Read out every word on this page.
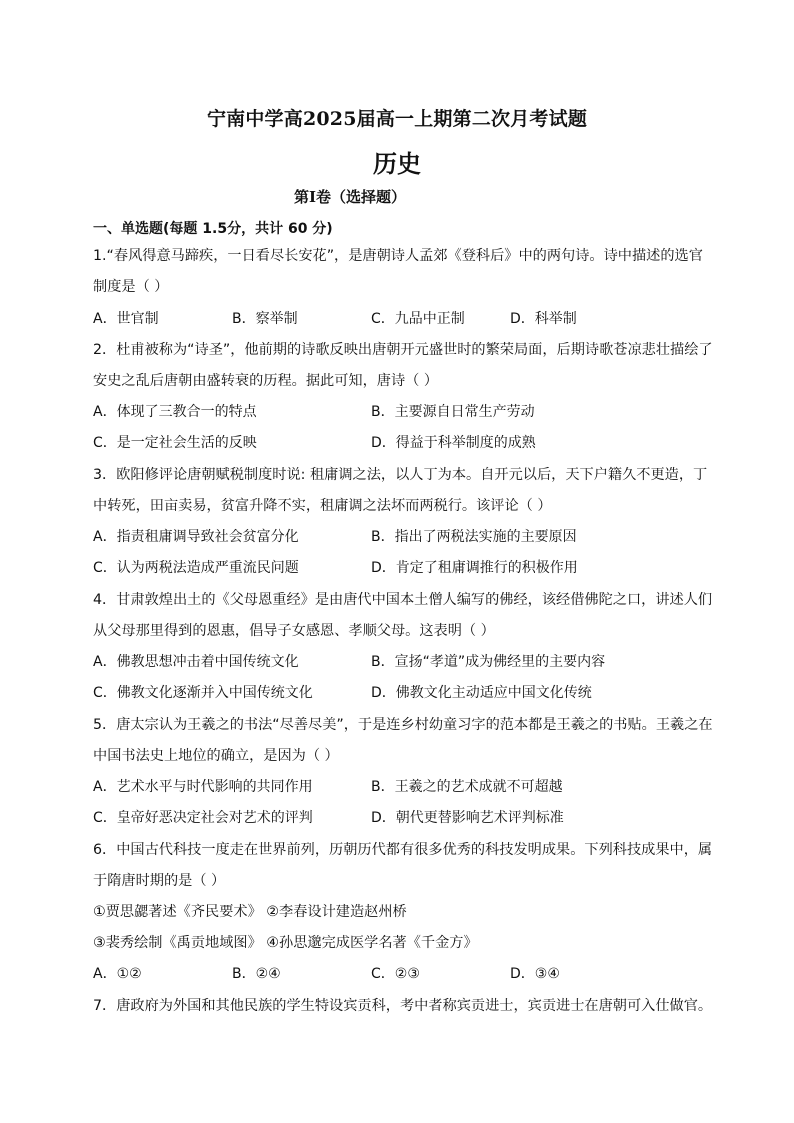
宁南中学高2025届高一上期第二次月考试题
历史
第Ⅰ卷（选择题）
一、单选题(每题 1.5分，共计 60 分)
1.“春风得意马蹄疾，一日看尽长安花”，是唐朝诗人孟郊《登科后》中的两句诗。诗中描述的选官
制度是（ ）
A．世官制	B．察举制	C．九品中正制	D．科举制
2．杜甫被称为“诗圣”，他前期的诗歌反映出唐朝开元盛世时的繁荣局面，后期诗歌苍凉悲壮描绘了
安史之乱后唐朝由盛转衰的历程。据此可知，唐诗（ ）
A．体现了三教合一的特点	B．主要源自日常生产劳动
C．是一定社会生活的反映	D．得益于科举制度的成熟
3．欧阳修评论唐朝赋税制度时说: 租庸调之法，以人丁为本。自开元以后，天下户籍久不更造，丁
中转死，田亩卖易，贫富升降不实，租庸调之法坏而两税行。该评论（ ）
A．指责租庸调导致社会贫富分化	B．指出了两税法实施的主要原因
C．认为两税法造成严重流民问题	D．肯定了租庸调推行的积极作用
4．甘肃敦煌出土的《父母恩重经》是由唐代中国本土僧人编写的佛经，该经借佛陀之口，讲述人们
从父母那里得到的恩惠，倡导子女感恩、孝顺父母。这表明（ ）
A．佛教思想冲击着中国传统文化	B．宣扬“孝道”成为佛经里的主要内容
C．佛教文化逐渐并入中国传统文化	D．佛教文化主动适应中国文化传统
5．唐太宗认为王羲之的书法“尽善尽美”，于是连乡村幼童习字的范本都是王羲之的书贴。王羲之在
中国书法史上地位的确立，是因为（ ）
A．艺术水平与时代影响的共同作用	B．王羲之的艺术成就不可超越
C．皇帝好恶决定社会对艺术的评判	D．朝代更替影响艺术评判标准
6．中国古代科技一度走在世界前列，历朝历代都有很多优秀的科技发明成果。下列科技成果中，属
于隋唐时期的是（ ）
①贾思勰著述《齐民要术》 ②李春设计建造赵州桥
③裴秀绘制《禹贡地域图》 ④孙思邈完成医学名著《千金方》
A．①②	B．②④	C．②③	D．③④
7．唐政府为外国和其他民族的学生特设宾贡科，考中者称宾贡进士，宾贡进士在唐朝可入仕做官。
